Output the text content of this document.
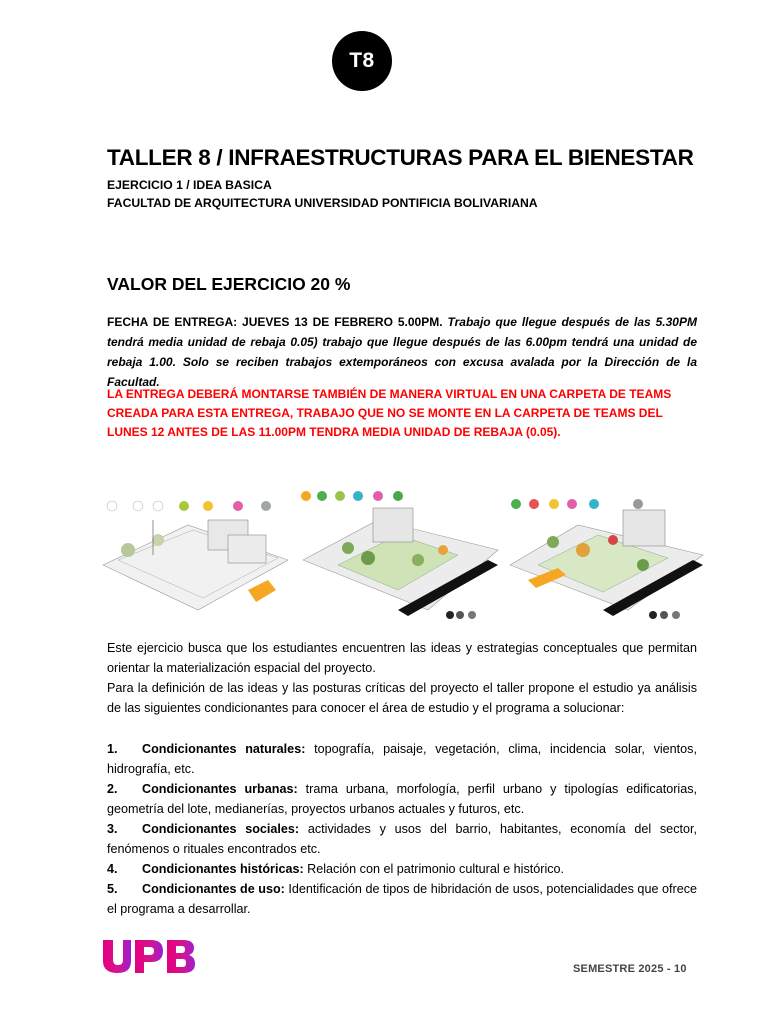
T8
TALLER 8 / INFRAESTRUCTURAS PARA EL BIENESTAR
EJERCICIO 1 / IDEA BASICA
FACULTAD DE ARQUITECTURA UNIVERSIDAD PONTIFICIA BOLIVARIANA
VALOR DEL EJERCICIO 20 %
FECHA DE ENTREGA: JUEVES 13 DE FEBRERO 5.00PM. Trabajo que llegue después de las 5.30PM tendrá media unidad de rebaja 0.05) trabajo que llegue después de las 6.00pm tendrá una unidad de rebaja 1.00. Solo se reciben trabajos extemporáneos con excusa avalada por la Dirección de la Facultad.
LA ENTREGA DEBERÁ MONTARSE TAMBIÉN DE MANERA VIRTUAL EN UNA CARPETA DE TEAMS CREADA PARA ESTA ENTREGA, TRABAJO QUE NO SE MONTE EN LA CARPETA DE TEAMS DEL LUNES 12 ANTES DE LAS 11.00PM TENDRA MEDIA UNIDAD DE REBAJA (0.05).

Este ejercicio busca que los estudiantes encuentren las ideas y estrategias conceptuales que permitan orientar la materialización espacial del proyecto.

Para la definición de las ideas y las posturas críticas del proyecto el taller propone el estudio ya análisis de las siguientes condicionantes para conocer el área de estudio y el programa a solucionar:

1. Condicionantes naturales: topografía, paisaje, vegetación, clima, incidencia solar, vientos, hidrografía, etc.

2. Condicionantes urbanas: trama urbana, morfología, perfil urbano y tipologías edificatorias, geometría del lote, medianerías, proyectos urbanos actuales y futuros, etc.

3. Condicionantes sociales: actividades y usos del barrio, habitantes, economía del sector, fenómenos o rituales encontrados etc.

4. Condicionantes históricas: Relación con el patrimonio cultural e histórico.

5. Condicionantes de uso: Identificación de tipos de hibridación de usos, potencialidades que ofrece el programa a desarrollar.

SEMESTRE 2025 - 10
